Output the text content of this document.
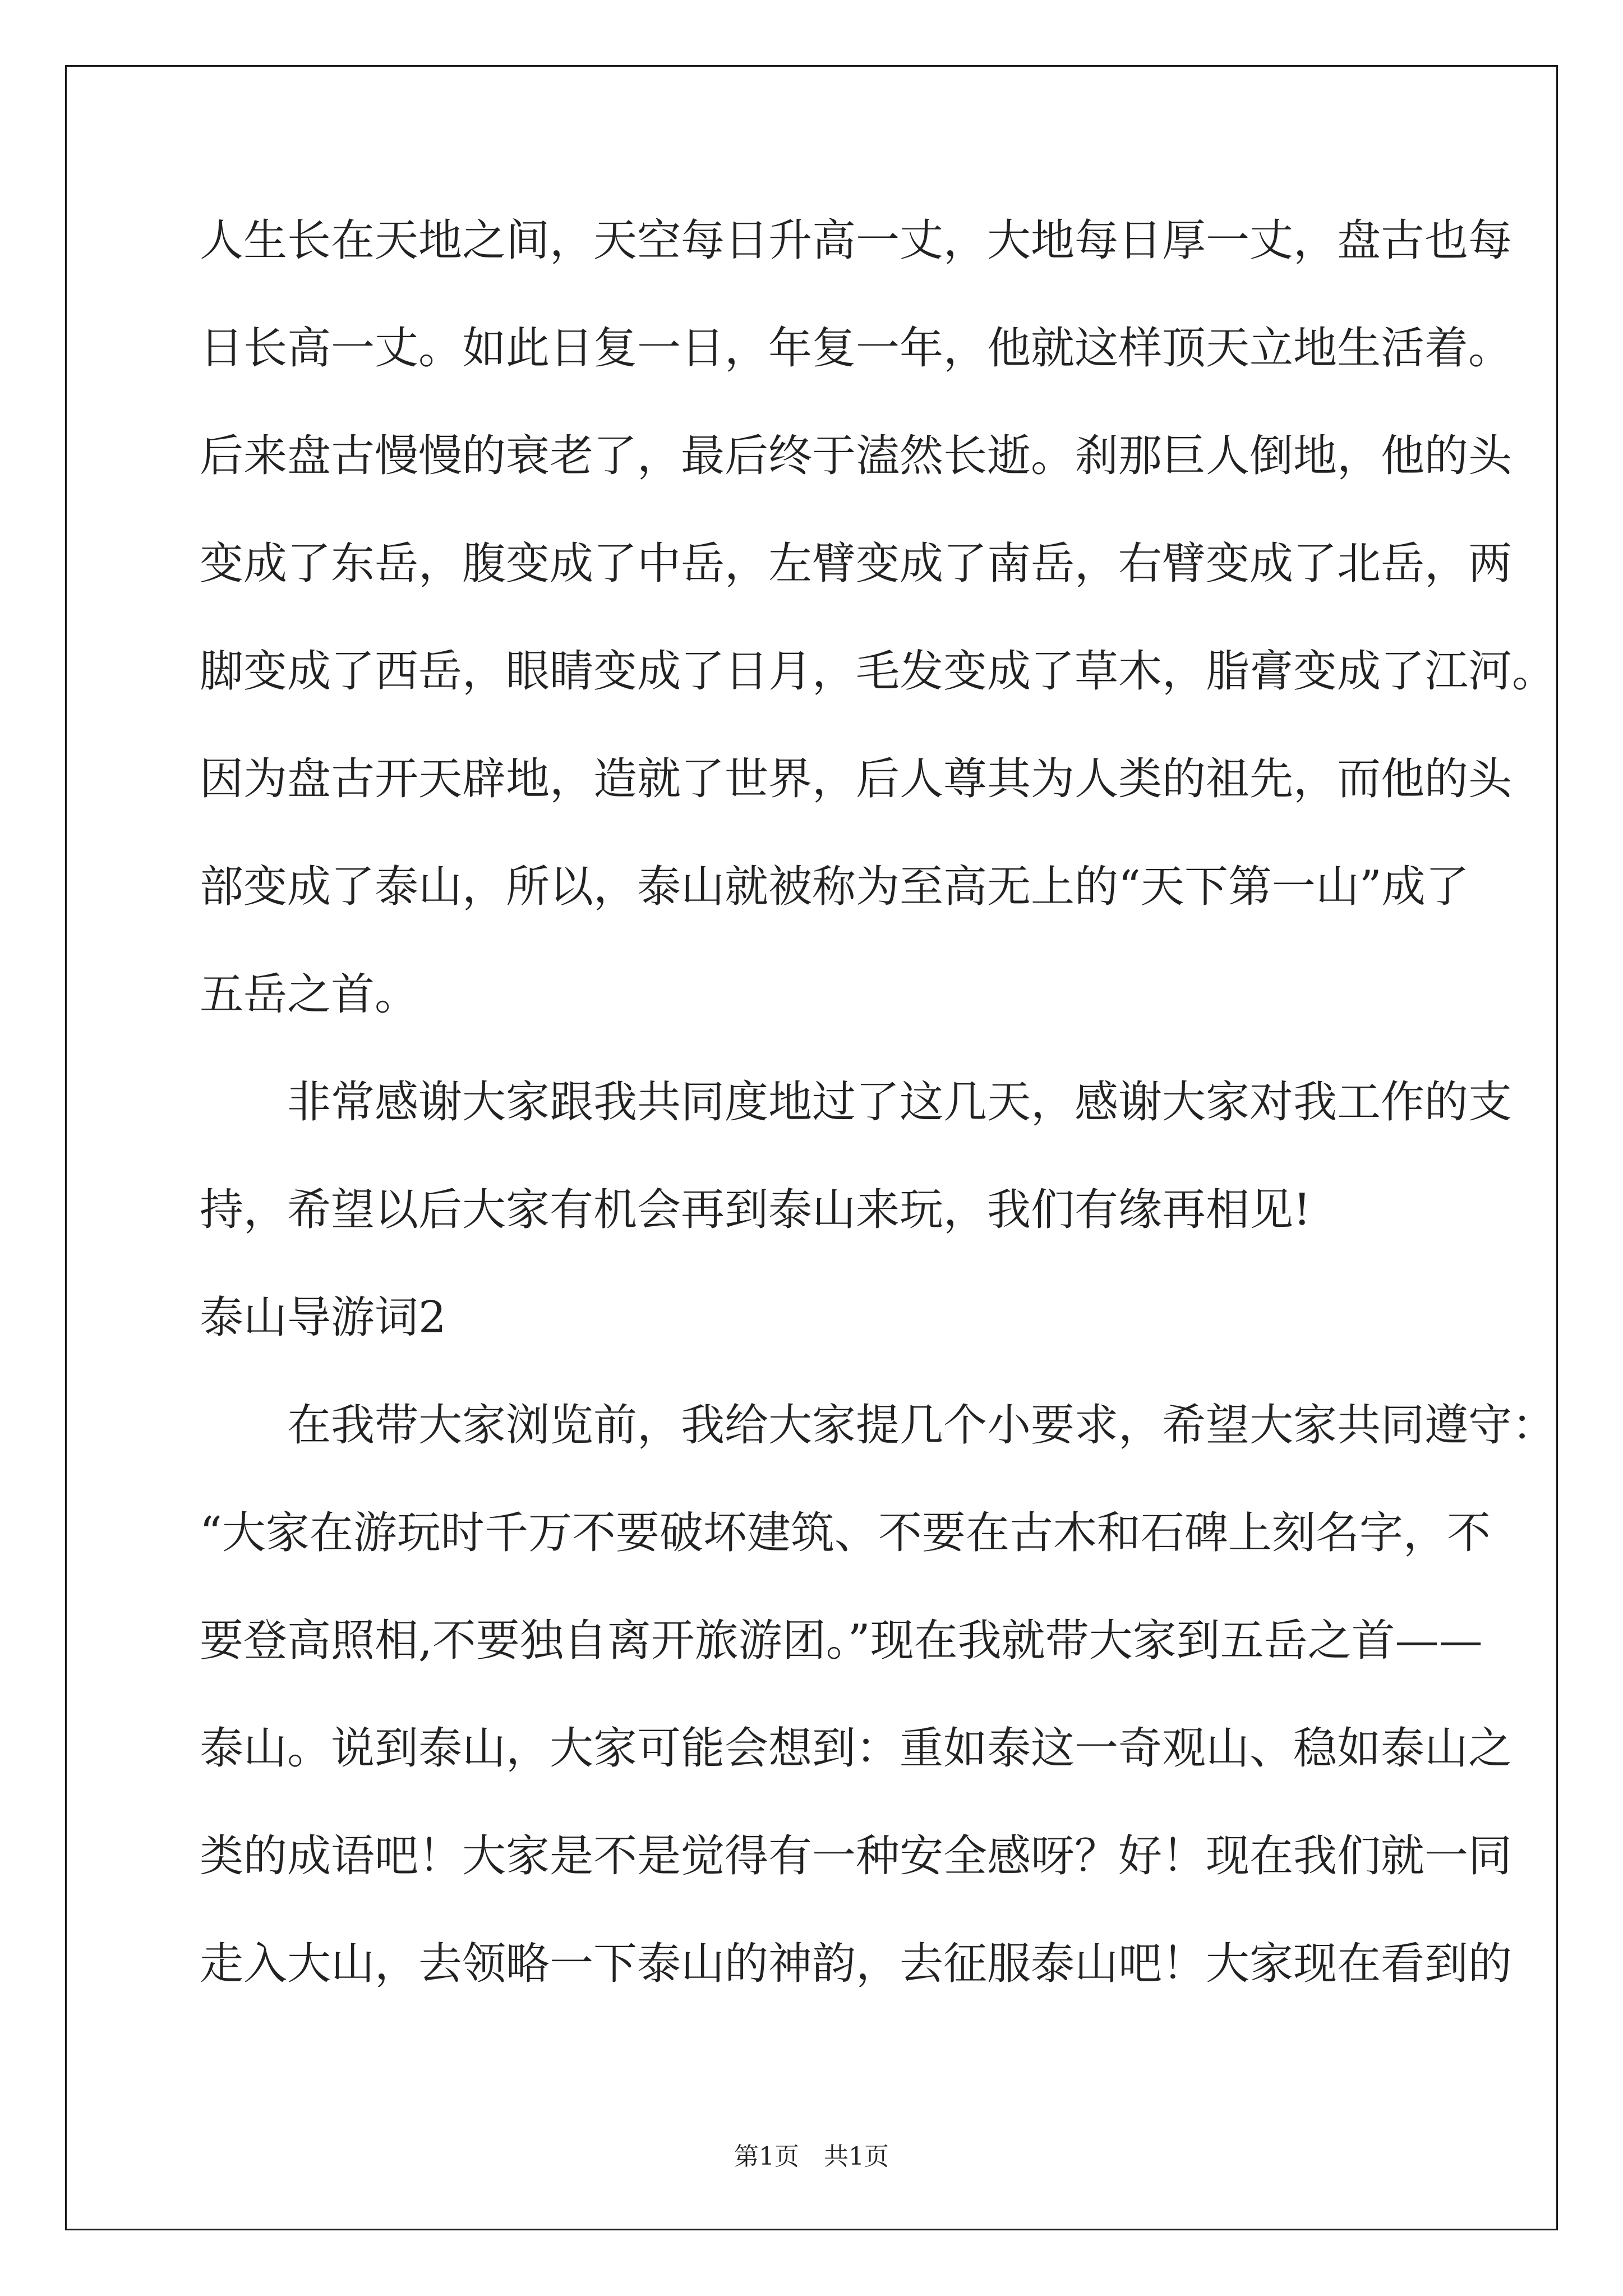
人生长在天地之间，天空每日升高一丈，大地每日厚一丈，盘古也每
日长高一丈。如此日复一日，年复一年，他就这样顶天立地生活着。
后来盘古慢慢的衰老了，最后终于溘然长逝。刹那巨人倒地，他的头
变成了东岳，腹变成了中岳，左臂变成了南岳，右臂变成了北岳，两
脚变成了西岳，眼睛变成了日月，毛发变成了草木，脂膏变成了江河。
因为盘古开天辟地，造就了世界，后人尊其为人类的祖先，而他的头
部变成了泰山，所以，泰山就被称为至高无上的“天下第一山”成了
五岳之首。
　　非常感谢大家跟我共同度地过了这几天，感谢大家对我工作的支
持，希望以后大家有机会再到泰山来玩，我们有缘再相见!
泰山导游词2
　　在我带大家浏览前，我给大家提几个小要求，希望大家共同遵守：
“大家在游玩时千万不要破坏建筑、不要在古木和石碑上刻名字，不
要登高照相,不要独自离开旅游团。”现在我就带大家到五岳之首——
泰山。说到泰山，大家可能会想到：重如泰这一奇观山、稳如泰山之
类的成语吧！大家是不是觉得有一种安全感呀？好！现在我们就一同
走入大山，去领略一下泰山的神韵，去征服泰山吧！大家现在看到的
第1页　共1页
